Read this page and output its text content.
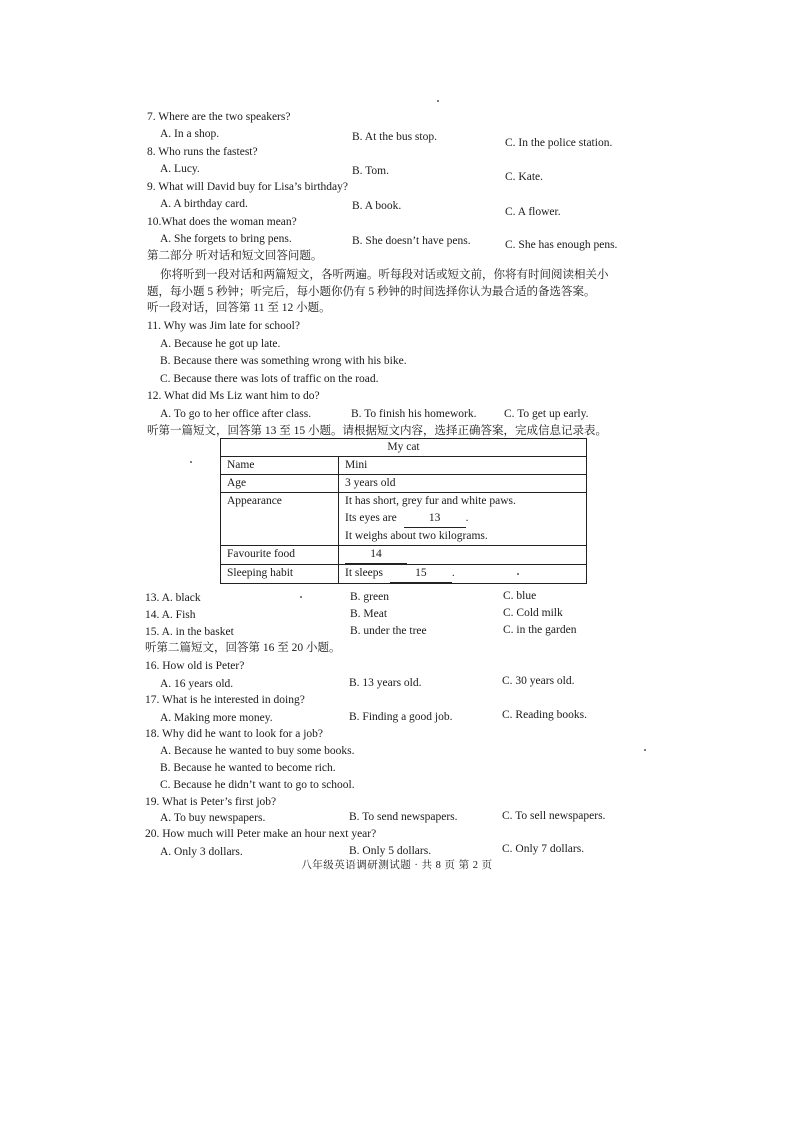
7. Where are the two speakers?
A. In a shop.	B. At the bus stop.	C. In the police station.
8. Who runs the fastest?
A. Lucy.	B. Tom.	C. Kate.
9. What will David buy for Lisa’s birthday?
A. A birthday card.	B. A book.	C. A flower.
10.What does the woman mean?
A. She forgets to bring pens.	B. She doesn’t have pens.	C. She has enough pens.
第二部分 听对话和短文回答问题。
你将听到一段对话和两篇短文，各听两遍。听每段对话或短文前，你将有时间阅读相关小
题，每小题 5 秒钟；听完后，每小题你仍有 5 秒钟的时间选择你认为最合适的备选答案。
听一段对话，回答第 11 至 12 小题。
11. Why was Jim late for school?
A. Because he got up late.
B. Because there was something wrong with his bike.
C. Because there was lots of traffic on the road.
12. What did Ms Liz want him to do?
A. To go to her office after class.	B. To finish his homework. C. To get up early.
听第一篇短文，回答第 13 至 15 小题。请根据短文内容，选择正确答案，完成信息记录表。
My cat	
Name	Mini
Age	3 years old
Appearance	It has short, grey fur and white paws.
Its eyes are 13 .
It weighs about two kilograms.

Favourite food	14
Sleeping habit	It sleeps 15 .
13. A. black	B. green	C. blue
14. A. Fish	B. Meat	C. Cold milk
15. A. in the basket	B. under the tree	C. in the garden
听第二篇短文，回答第 16 至 20 小题。
16. How old is Peter?
A. 16 years old.	B. 13 years old.	C. 30 years old.
17. What is he interested in doing?
A. Making more money.	B. Finding a good job.	C. Reading books.
18. Why did he want to look for a job?
A. Because he wanted to buy some books.
B. Because he wanted to become rich.
C. Because he didn’t want to go to school.
19. What is Peter’s first job?
A. To buy newspapers.	B. To send newspapers.	C. To sell newspapers.
20. How much will Peter make an hour next year?
A. Only 3 dollars.	B. Only 5 dollars.	C. Only 7 dollars.
八年级英语调研测试题 · 共 8 页 第 2 页
